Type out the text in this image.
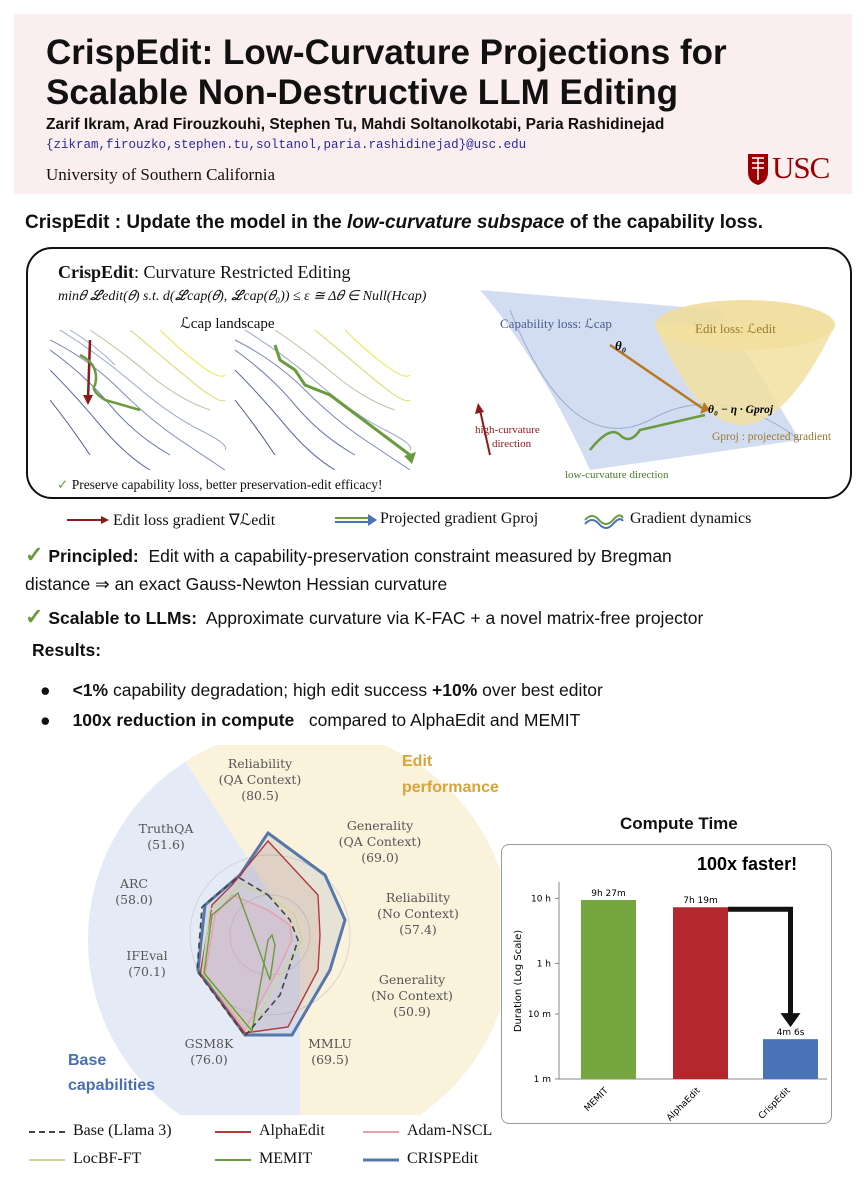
CrispEdit: Low-Curvature Projections for Scalable Non-Destructive LLM Editing
Zarif Ikram, Arad Firouzkouhi, Stephen Tu, Mahdi Soltanolkotabi, Paria Rashidinejad
{zikram,firouzko,stephen.tu,soltanol,paria.rashidinejad}@usc.edu
University of Southern California	USC
CrispEdit : Update the model in the low-curvature subspace of the capability loss.
CrispEdit: Curvature Restricted Editing
min𝜃 ℒedit(𝜃) s.t. d(ℒcap(𝜃), ℒcap(𝜃₀)) ≤ ε ≅ Δ𝜃 ∈ Null(Hcap)
ℒcap landscape
✓ Preserve capability loss, better preservation-edit efficacy!
Capability loss: ℒcap	Edit loss: ℒedit
θ₀
θ₀ − η · Gproj
Gproj : projected gradient
high-curvature
direction
low-curvature direction
Edit loss gradient ∇ℒedit	Projected gradient Gproj	Gradient dynamics
✓ Principled: Edit with a capability-preservation constraint measured by Bregman
distance ⇒ an exact Gauss-Newton Hessian curvature
✓ Scalable to LLMs: Approximate curvature via K-FAC + a novel matrix-free projector
Results:
● <1% capability degradation; high edit success +10% over best editor
● 100x reduction in compute compared to AlphaEdit and MEMIT
Reliability
(QA Context)
(80.5)
Generality
(QA Context)
(69.0)
Reliability
(No Context)
(57.4)
Generality
(No Context)
(50.9)
MMLU
(69.5)
GSM8K
(76.0)
IFEval
(70.1)
ARC
(58.0)
TruthQA
(51.6)
Edit
performance
Base
capabilities
Base (Llama 3)	AlphaEdit	Adam-NSCL
LocBF-FT	MEMIT	CRISPEdit
Compute Time
Duration (Log Scale)
1 m
10 m
1 h
10 h
9h 27m
MEMIT
7h 19m
AlphaEdit
4m 6s
CrispEdit
100x faster!
